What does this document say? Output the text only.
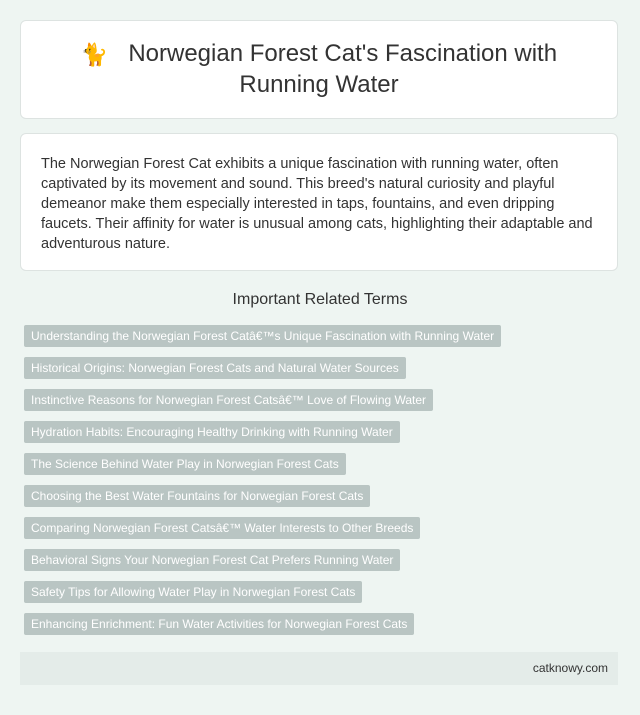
🐈 Norwegian Forest Cat's Fascination with Running Water

The Norwegian Forest Cat exhibits a unique fascination with running water, often captivated by its movement and sound. This breed's natural curiosity and playful demeanor make them especially interested in taps, fountains, and even dripping faucets. Their affinity for water is unusual among cats, highlighting their adaptable and adventurous nature.

Important Related Terms
Understanding the Norwegian Forest Catâ€™s Unique Fascination with Running Water
Historical Origins: Norwegian Forest Cats and Natural Water Sources
Instinctive Reasons for Norwegian Forest Catsâ€™ Love of Flowing Water
Hydration Habits: Encouraging Healthy Drinking with Running Water
The Science Behind Water Play in Norwegian Forest Cats
Choosing the Best Water Fountains for Norwegian Forest Cats
Comparing Norwegian Forest Catsâ€™ Water Interests to Other Breeds
Behavioral Signs Your Norwegian Forest Cat Prefers Running Water
Safety Tips for Allowing Water Play in Norwegian Forest Cats
Enhancing Enrichment: Fun Water Activities for Norwegian Forest Cats
catknowy.com
